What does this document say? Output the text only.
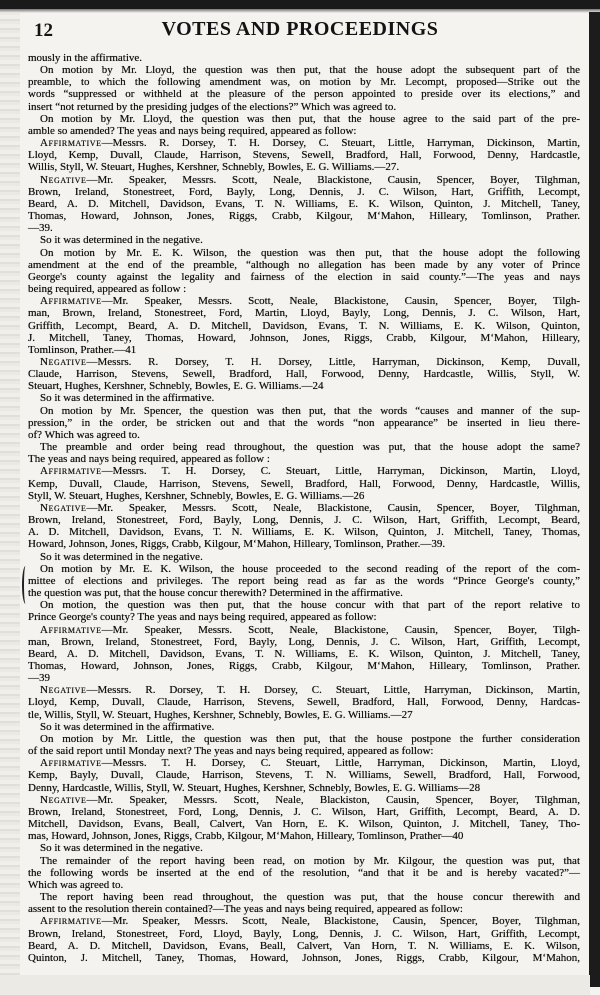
12	VOTES AND PROCEEDINGS
mously in the affirmative.
On motion by Mr. Lloyd, the question was then put, that the house adopt the subsequent part of the
preamble, to which the following amendment was, on motion by Mr. Lecompt, proposed—Strike out the
words “suppressed or withheld at the pleasure of the person appointed to preside over its elections,” and
insert “not returned by the presiding judges of the elections?” Which was agreed to.
On motion by Mr. Lloyd, the question was then put, that the house agree to the said part of the pre-
amble so amended? The yeas and nays being required, appeared as follow:
Affirmative—Messrs. R. Dorsey, T. H. Dorsey, C. Steuart, Little, Harryman, Dickinson, Martin,
Lloyd, Kemp, Duvall, Claude, Harrison, Stevens, Sewell, Bradford, Hall, Forwood, Denny, Hardcastle,
Willis, Styll, W. Steuart, Hughes, Kershner, Schnebly, Bowles, E. G. Williams.—27.
Negative—Mr. Speaker, Messrs. Scott, Neale, Blackistone, Causin, Spencer, Boyer, Tilghman,
Brown, Ireland, Stonestreet, Ford, Bayly, Long, Dennis, J. C. Wilson, Hart, Griffith, Lecompt,
Beard, A. D. Mitchell, Davidson, Evans, T. N. Williams, E. K. Wilson, Quinton, J. Mitchell, Taney,
Thomas, Howard, Johnson, Jones, Riggs, Crabb, Kilgour, M‘Mahon, Hilleary, Tomlinson, Prather.
—39.
So it was determined in the negative.
On motion by Mr. E. K. Wilson, the question was then put, that the house adopt the following
amendment at the end of the preamble, “although no allegation has been made by any voter of Prince
George's county against the legality and fairness of the election in said county.”—The yeas and nays
being required, appeared as follow :
Affirmative—Mr. Speaker, Messrs. Scott, Neale, Blackistone, Causin, Spencer, Boyer, Tilgh-
man, Brown, Ireland, Stonestreet, Ford, Martin, Lloyd, Bayly, Long, Dennis, J. C. Wilson, Hart,
Griffith, Lecompt, Beard, A. D. Mitchell, Davidson, Evans, T. N. Williams, E. K. Wilson, Quinton,
J. Mitchell, Taney, Thomas, Howard, Johnson, Jones, Riggs, Crabb, Kilgour, M‘Mahon, Hilleary,
Tomlinson, Prather.—41
Negative—Messrs. R. Dorsey, T. H. Dorsey, Little, Harryman, Dickinson, Kemp, Duvall,
Claude, Harrison, Stevens, Sewell, Bradford, Hall, Forwood, Denny, Hardcastle, Willis, Styll, W.
Steuart, Hughes, Kershner, Schnebly, Bowles, E. G. Williams.—24
So it was determined in the affirmative.
On motion by Mr. Spencer, the question was then put, that the words “causes and manner of the sup-
pression,” in the order, be stricken out and that the words “non appearance” be inserted in lieu there-
of? Which was agreed to.
The preamble and order being read throughout, the question was put, that the house adopt the same?
The yeas and nays being required, appeared as follow :
Affirmative—Messrs. T. H. Dorsey, C. Steuart, Little, Harryman, Dickinson, Martin, Lloyd,
Kemp, Duvall, Claude, Harrison, Stevens, Sewell, Bradford, Hall, Forwood, Denny, Hardcastle, Willis,
Styll, W. Steuart, Hughes, Kershner, Schnebly, Bowles, E. G. Williams.—26
Negative—Mr. Speaker, Messrs. Scott, Neale, Blackistone, Causin, Spencer, Boyer, Tilghman,
Brown, Ireland, Stonestreet, Ford, Bayly, Long, Dennis, J. C. Wilson, Hart, Griffith, Lecompt, Beard,
A. D. Mitchell, Davidson, Evans, T. N. Williams, E. K. Wilson, Quinton, J. Mitchell, Taney, Thomas,
Howard, Johnson, Jones, Riggs, Crabb, Kilgour, M‘Mahon, Hilleary, Tomlinson, Prather.—39.
So it was determined in the negative.
On motion by Mr. E. K. Wilson, the house proceeded to the second reading of the report of the com-
mittee of elections and privileges. The report being read as far as the words “Prince George's county,”
the question was put, that the house concur therewith? Determined in the affirmative.
On motion, the question was then put, that the house concur with that part of the report relative to
Prince George's county? The yeas and nays being required, appeared as follow:
Affirmative—Mr. Speaker, Messrs. Scott, Neale, Blackistone, Causin, Spencer, Boyer, Tilgh-
man, Brown, Ireland, Stonestreet, Ford, Bayly, Long, Dennis, J. C. Wilson, Hart, Griffith, Lecompt,
Beard, A. D. Mitchell, Davidson, Evans, T. N. Williams, E. K. Wilson, Quinton, J. Mitchell, Taney,
Thomas, Howard, Johnson, Jones, Riggs, Crabb, Kilgour, M‘Mahon, Hilleary, Tomlinson, Prather.
—39
Negative—Messrs. R. Dorsey, T. H. Dorsey, C. Steuart, Little, Harryman, Dickinson, Martin,
Lloyd, Kemp, Duvall, Claude, Harrison, Stevens, Sewell, Bradford, Hall, Forwood, Denny, Hardcas-
tle, Willis, Styll, W. Steuart, Hughes, Kershner, Schnebly, Bowles, E. G. Williams.—27
So it was determined in the affirmative.
On motion by Mr. Little, the question was then put, that the house postpone the further consideration
of the said report until Monday next? The yeas and nays being required, appeared as follow:
Affirmative—Messrs. T. H. Dorsey, C. Steuart, Little, Harryman, Dickinson, Martin, Lloyd,
Kemp, Bayly, Duvall, Claude, Harrison, Stevens, T. N. Williams, Sewell, Bradford, Hall, Forwood,
Denny, Hardcastle, Willis, Styll, W. Steuart, Hughes, Kershner, Schnebly, Bowles, E. G. Williams—28
Negative—Mr. Speaker, Messrs. Scott, Neale, Blackiston, Causin, Spencer, Boyer, Tilghman,
Brown, Ireland, Stonestreet, Ford, Long, Dennis, J. C. Wilson, Hart, Griffith, Lecompt, Beard, A. D.
Mitchell, Davidson, Evans, Beall, Calvert, Van Horn, E. K. Wilson, Quinton, J. Mitchell, Taney, Tho-
mas, Howard, Johnson, Jones, Riggs, Crabb, Kilgour, M‘Mahon, Hilleary, Tomlinson, Prather—40
So it was determined in the negative.
The remainder of the report having been read, on motion by Mr. Kilgour, the question was put, that
the following words be inserted at the end of the resolution, “and that it be and is hereby vacated?”—
Which was agreed to.
The report having been read throughout, the question was put, that the house concur therewith and
assent to the resolution therein contained?—The yeas and nays being required, appeared as follow:
Affirmative—Mr. Speaker, Messrs. Scott, Neale, Blackistone, Causin, Spencer, Boyer, Tilghman,
Brown, Ireland, Stonestreet, Ford, Lloyd, Bayly, Long, Dennis, J. C. Wilson, Hart, Griffith, Lecompt,
Beard, A. D. Mitchell, Davidson, Evans, Beall, Calvert, Van Horn, T. N. Williams, E. K. Wilson,
Quinton, J. Mitchell, Taney, Thomas, Howard, Johnson, Jones, Riggs, Crabb, Kilgour, M‘Mahon,
